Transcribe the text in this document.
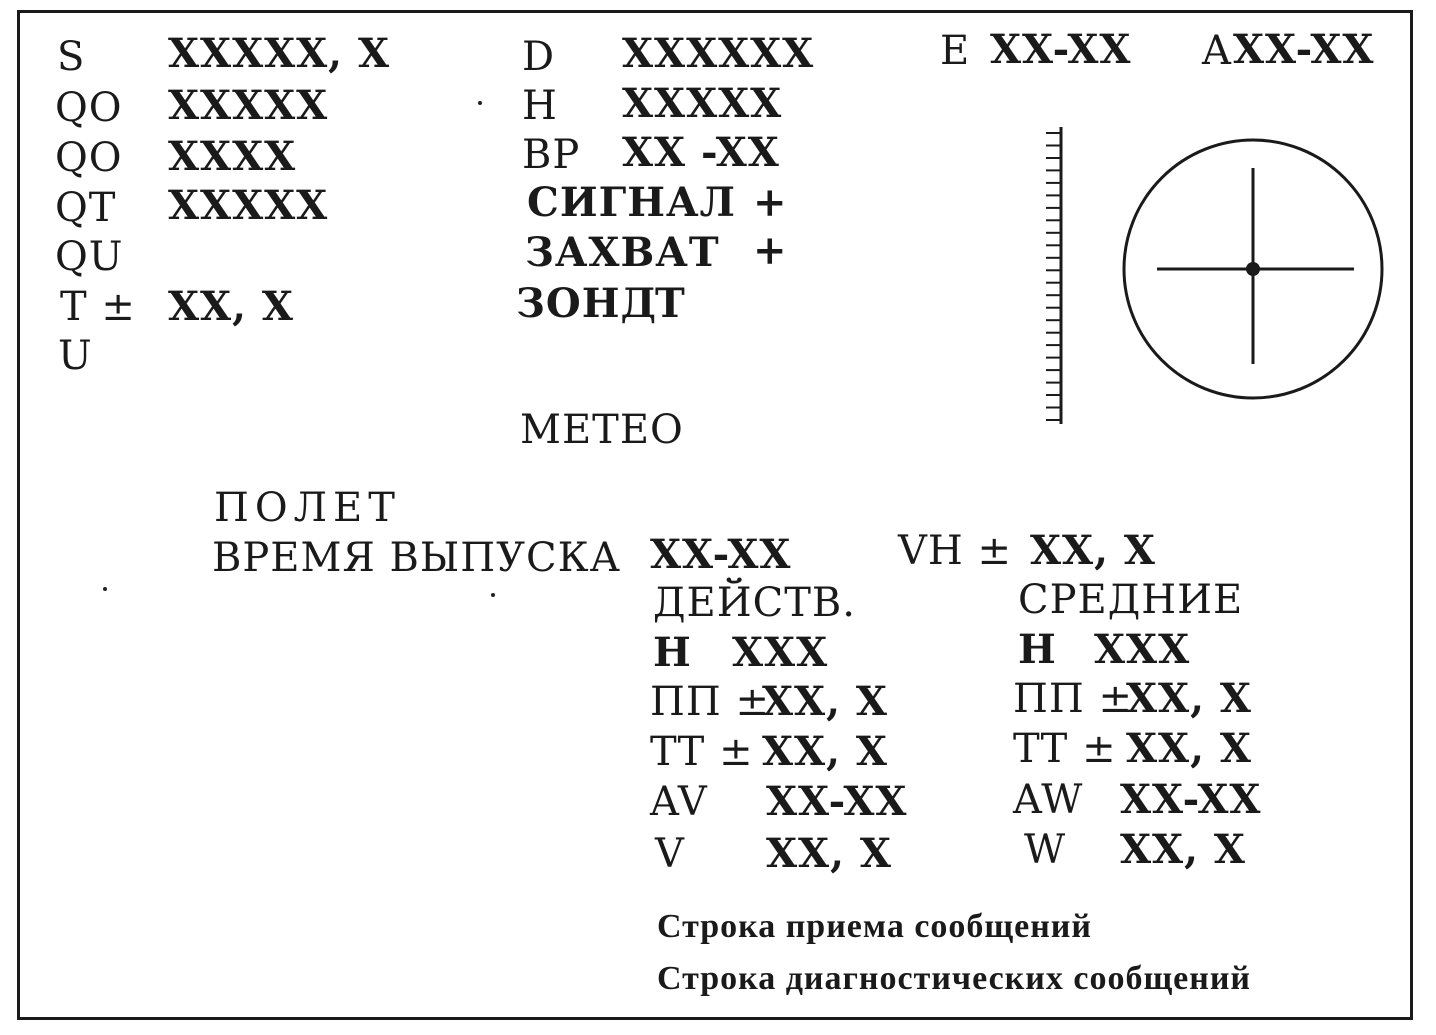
S XXXXX, X
QO XXXXX
QO XXXX
QT XXXXX
QU
T ± XX, X
U
D XXXXXX
H XXXXX
ВР XX -XX
СИГНАЛ +
ЗАХВАТ +
ЗОНД
Т
МЕТЕО
E XX-XX A XX-XX
ПОЛЕТ
ВРЕМЯ ВЫПУСКА XX-XX	VH ± XX, X
ДЕЙСТВ.
H XXX
ПП ±
XX, X
ТТ ± XX, X
AV XX-XX
V XX, X
СРЕДНИЕ
H XXX
ПП ±
XX, X
ТТ ± XX, X
AW XX-XX
W XX, X
Строка приема сообщений
Строка диагностических сообщений
